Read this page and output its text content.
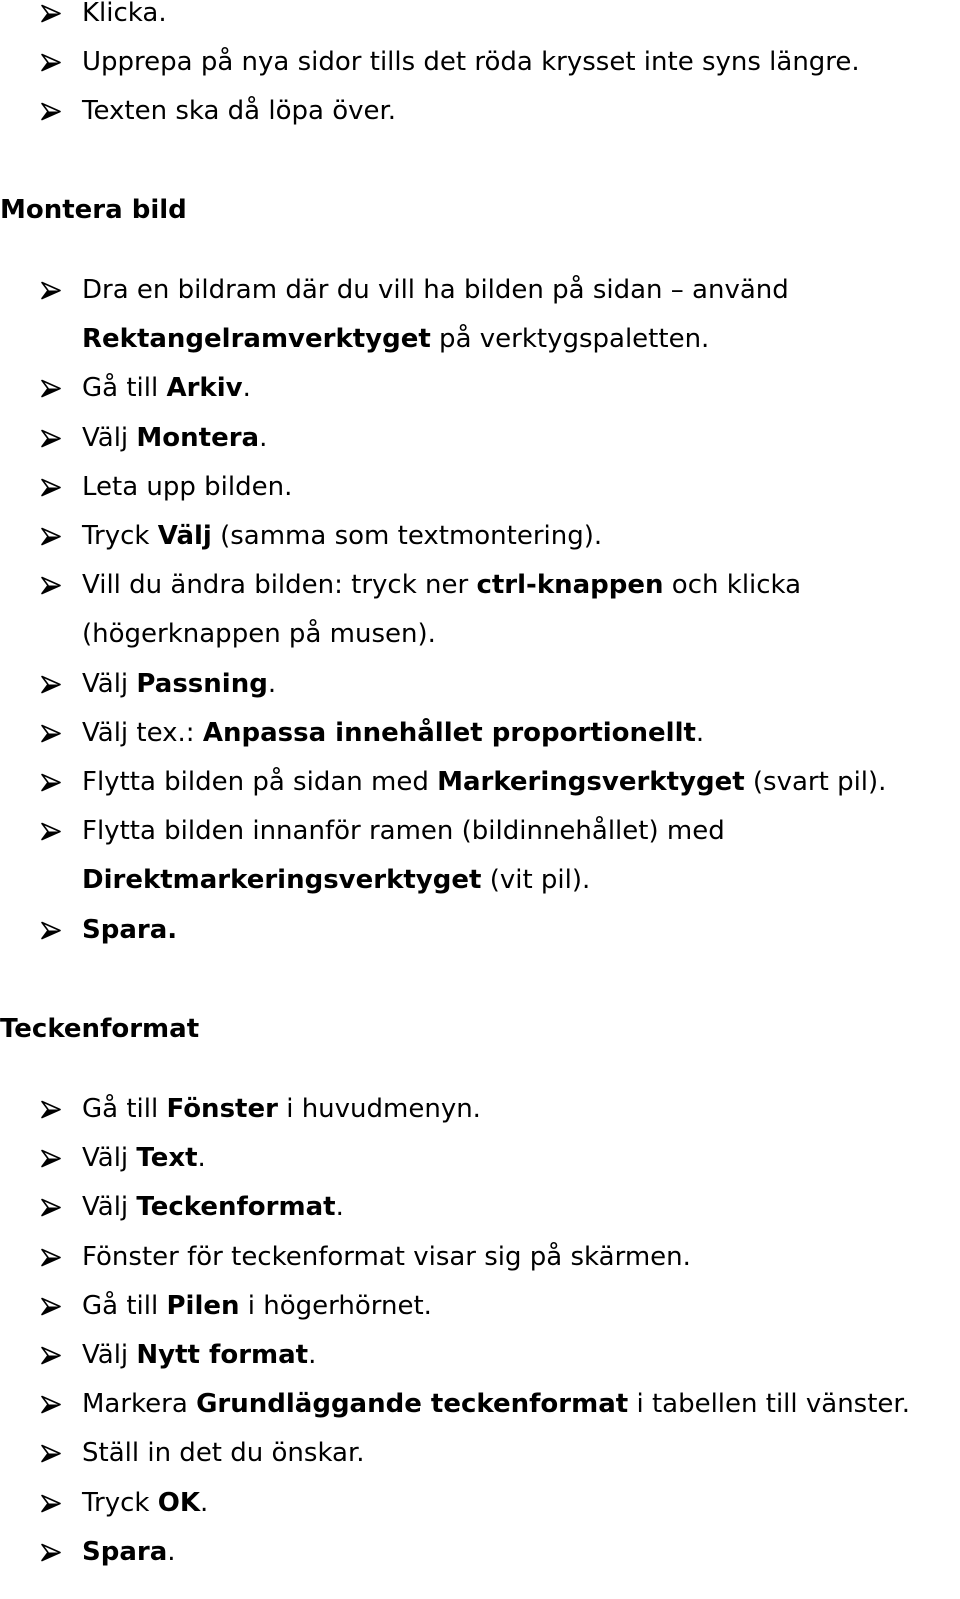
Klicka.
Upprepa på nya sidor tills det röda krysset inte syns längre.
Texten ska då löpa över.
Montera bild
Dra en bildram där du vill ha bilden på sidan – använd
Rektangelramverktyget på verktygspaletten.
Gå till Arkiv.
Välj Montera.
Leta upp bilden.
Tryck Välj (samma som textmontering).
Vill du ändra bilden: tryck ner ctrl-knappen och klicka
(högerknappen på musen).
Välj Passning.
Välj tex.: Anpassa innehållet proportionellt.
Flytta bilden på sidan med Markeringsverktyget (svart pil).
Flytta bilden innanför ramen (bildinnehållet) med
Direktmarkeringsverktyget (vit pil).
Spara.
Teckenformat
Gå till Fönster i huvudmenyn.
Välj Text.
Välj Teckenformat.
Fönster för teckenformat visar sig på skärmen.
Gå till Pilen i högerhörnet.
Välj Nytt format.
Markera Grundläggande teckenformat i tabellen till vänster.
Ställ in det du önskar.
Tryck OK.
Spara.
